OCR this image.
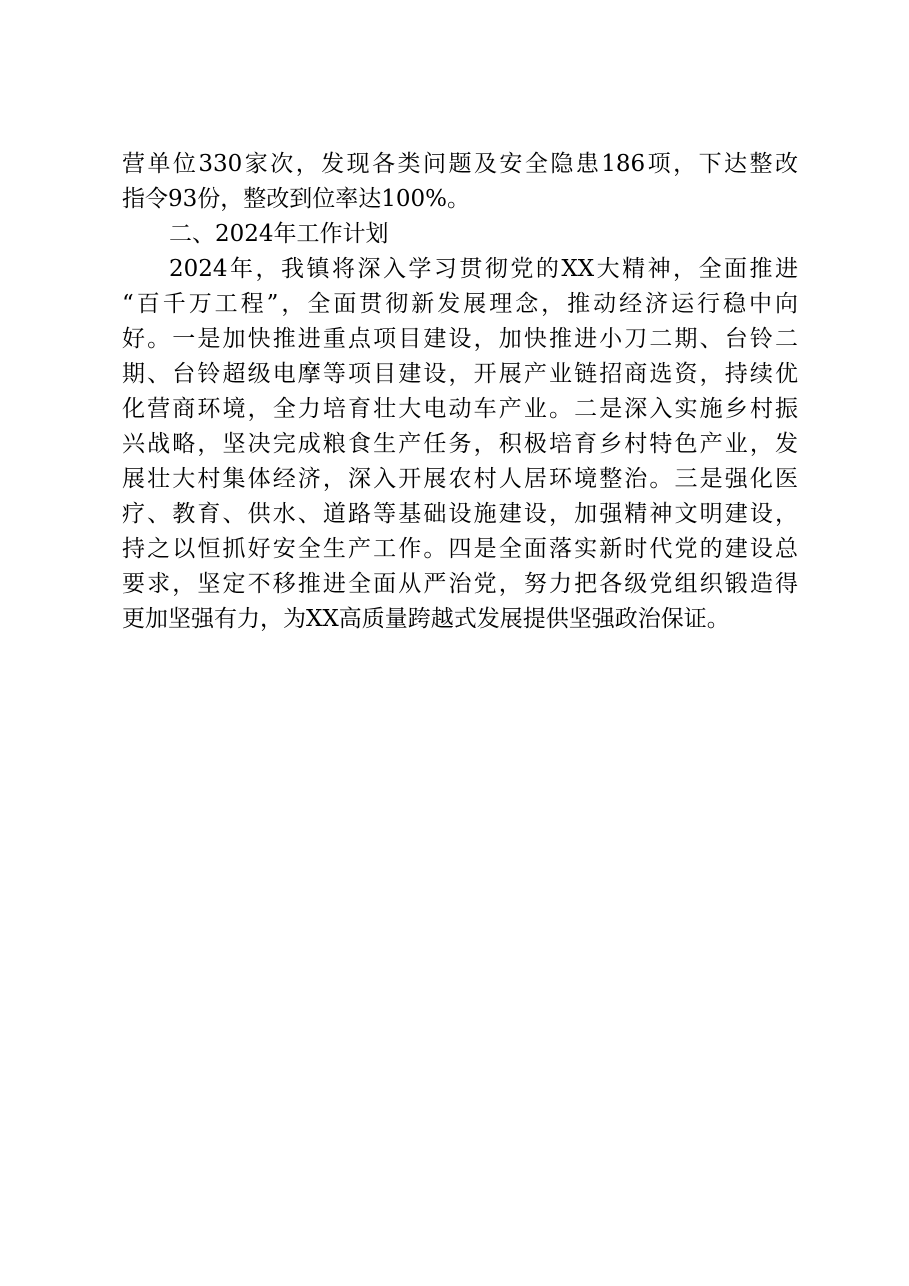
营单位330家次，发现各类问题及安全隐患186项，下达整改
指令93份，整改到位率达100%。
二、2024年工作计划
2024年，我镇将深入学习贯彻党的XX大精神，全面推进
“百千万工程”，全面贯彻新发展理念，推动经济运行稳中向
好。一是加快推进重点项目建设，加快推进小刀二期、台铃二
期、台铃超级电摩等项目建设，开展产业链招商选资，持续优
化营商环境，全力培育壮大电动车产业。二是深入实施乡村振
兴战略，坚决完成粮食生产任务，积极培育乡村特色产业，发
展壮大村集体经济，深入开展农村人居环境整治。三是强化医
疗、教育、供水、道路等基础设施建设，加强精神文明建设，
持之以恒抓好安全生产工作。四是全面落实新时代党的建设总
要求，坚定不移推进全面从严治党，努力把各级党组织锻造得
更加坚强有力，为XX高质量跨越式发展提供坚强政治保证。
